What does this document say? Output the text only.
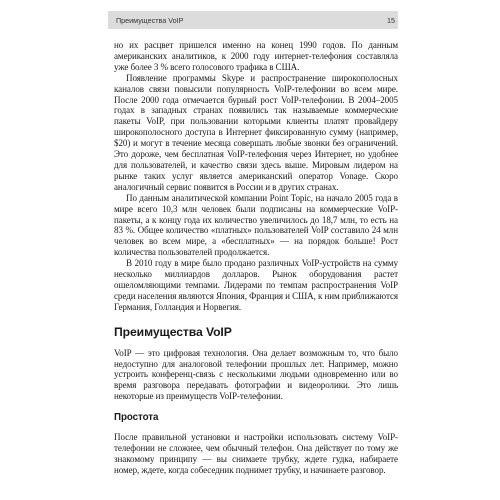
Преимущества VoIP	15

но их расцвет пришелся именно на конец 1990 годов. По данным американских аналитиков, к 2000 году интернет-телефония составляла уже более 3 % всего голосового трафика в США.

Появление программы Skype и распространение широкополосных каналов связи повысили популярность VoIP-телефонии во всем мире. После 2000 года отмечается бурный рост VoIP-телефонии. В 2004–2005 годах в западных странах появились так называемые коммерческие пакеты VoIP, при пользовании которыми клиенты платят провайдеру широкополосного доступа в Интернет фиксированную сумму (например, $20) и могут в течение месяца совершать любые звонки без ограничений. Это дороже, чем бесплатная VoIP-телефония через Интернет, но удобнее для пользователей, и качество связи здесь выше. Мировым лидером на рынке таких услуг является американский оператор Vonage. Скоро аналогичный сервис появится в России и в других странах.

По данным аналитической компании Point Topic, на начало 2005 года в мире всего 10,3 млн человек были подписаны на коммерческие VoIP-пакеты, а к концу года их количество увеличилось до 18,7 млн, то есть на 83 %. Общее количество «платных» пользователей VoIP составило 24 млн человек во всем мире, а «бесплатных» — на порядок больше! Рост количества пользователей продолжается.

В 2010 году в мире было продано различных VoIP-устройств на сумму несколько миллиардов долларов. Рынок оборудования растет ошеломляющими темпами. Лидерами по темпам распространения VoIP среди населения являются Япония, Франция и США, к ним приближаются Германия, Голландия и Норвегия.

Преимущества VoIP

VoIP — это цифровая технология. Она делает возможным то, что было недоступно для аналоговой телефонии прошлых лет. Например, можно устроить конференц-связь с несколькими людьми одновременно или во время разговора передавать фотографии и видеоролики. Это лишь некоторые из преимуществ VoIP-телефонии.

Простота

После правильной установки и настройки использовать систему VoIP-телефонии не сложнее, чем обычный телефон. Она действует по тому же знакомому принципу — вы снимаете трубку, ждете гудка, набираете номер, ждете, когда собеседник поднимет трубку, и начинаете разговор.
